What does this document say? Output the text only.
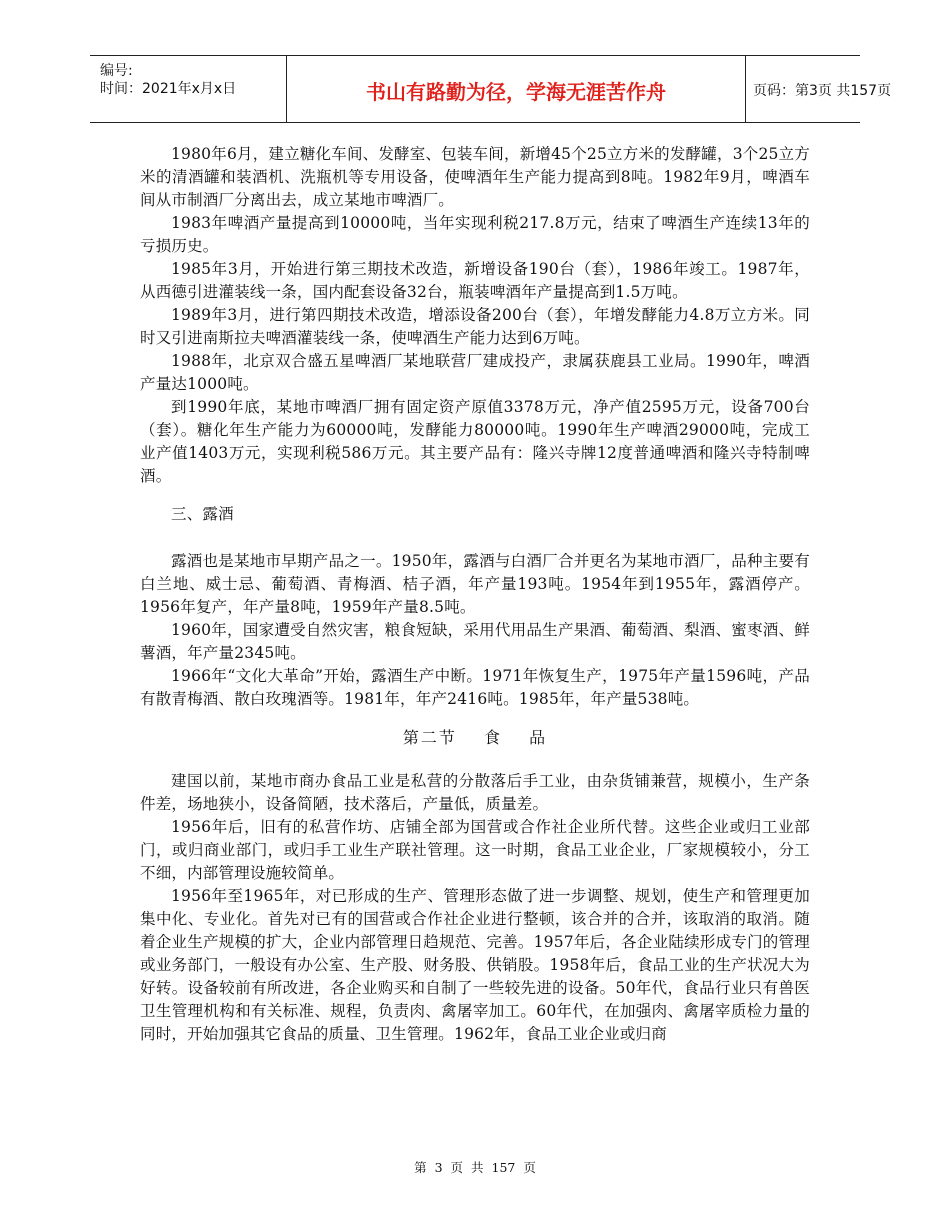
编号:
时间：2021年x月x日	书山有路勤为径，学海无涯苦作舟	页码：第3页 共157页

1980年6月，建立糖化车间、发酵室、包装车间，新增45个25立方米的发酵罐，3个25立方米的清酒罐和装酒机、洗瓶机等专用设备，使啤酒年生产能力提高到8吨。1982年9月，啤酒车间从市制酒厂分离出去，成立某地市啤酒厂。

1983年啤酒产量提高到10000吨，当年实现利税217.8万元，结束了啤酒生产连续13年的亏损历史。

1985年3月，开始进行第三期技术改造，新增设备190台（套），1986年竣工。1987年，从西德引进灌装线一条，国内配套设备32台，瓶装啤酒年产量提高到1.5万吨。

1989年3月，进行第四期技术改造，增添设备200台（套），年增发酵能力4.8万立方米。同时又引进南斯拉夫啤酒灌装线一条，使啤酒生产能力达到6万吨。

1988年，北京双合盛五星啤酒厂某地联营厂建成投产，隶属获鹿县工业局。1990年，啤酒产量达1000吨。

到1990年底，某地市啤酒厂拥有固定资产原值3378万元，净产值2595万元，设备700台（套）。糖化年生产能力为60000吨，发酵能力80000吨。1990年生产啤酒29000吨，完成工业产值1403万元，实现利税586万元。其主要产品有：隆兴寺牌12度普通啤酒和隆兴寺特制啤酒。

三、露酒

露酒也是某地市早期产品之一。1950年，露酒与白酒厂合并更名为某地市酒厂，品种主要有白兰地、威士忌、葡萄酒、青梅酒、桔子酒，年产量193吨。1954年到1955年，露酒停产。1956年复产，年产量8吨，1959年产量8.5吨。

1960年，国家遭受自然灾害，粮食短缺，采用代用品生产果酒、葡萄酒、梨酒、蜜枣酒、鲜薯酒，年产量2345吨。

1966年“文化大革命”开始，露酒生产中断。1971年恢复生产，1975年产量1596吨，产品有散青梅酒、散白玫瑰酒等。1981年，年产2416吨。1985年，年产量538吨。

第二节 食 品

建国以前，某地市商办食品工业是私营的分散落后手工业，由杂货铺兼营，规模小，生产条件差，场地狭小，设备简陋，技术落后，产量低，质量差。

1956年后，旧有的私营作坊、店铺全部为国营或合作社企业所代替。这些企业或归工业部门，或归商业部门，或归手工业生产联社管理。这一时期，食品工业企业，厂家规模较小，分工不细，内部管理设施较简单。

1956年至1965年，对已形成的生产、管理形态做了进一步调整、规划，使生产和管理更加集中化、专业化。首先对已有的国营或合作社企业进行整顿，该合并的合并，该取消的取消。随着企业生产规模的扩大，企业内部管理日趋规范、完善。1957年后，各企业陆续形成专门的管理或业务部门，一般设有办公室、生产股、财务股、供销股。1958年后，食品工业的生产状况大为好转。设备较前有所改进，各企业购买和自制了一些较先进的设备。50年代，食品行业只有兽医卫生管理机构和有关标准、规程，负责肉、禽屠宰加工。60年代，在加强肉、禽屠宰质检力量的同时，开始加强其它食品的质量、卫生管理。1962年，食品工业企业或归商

第 3 页 共 157 页
